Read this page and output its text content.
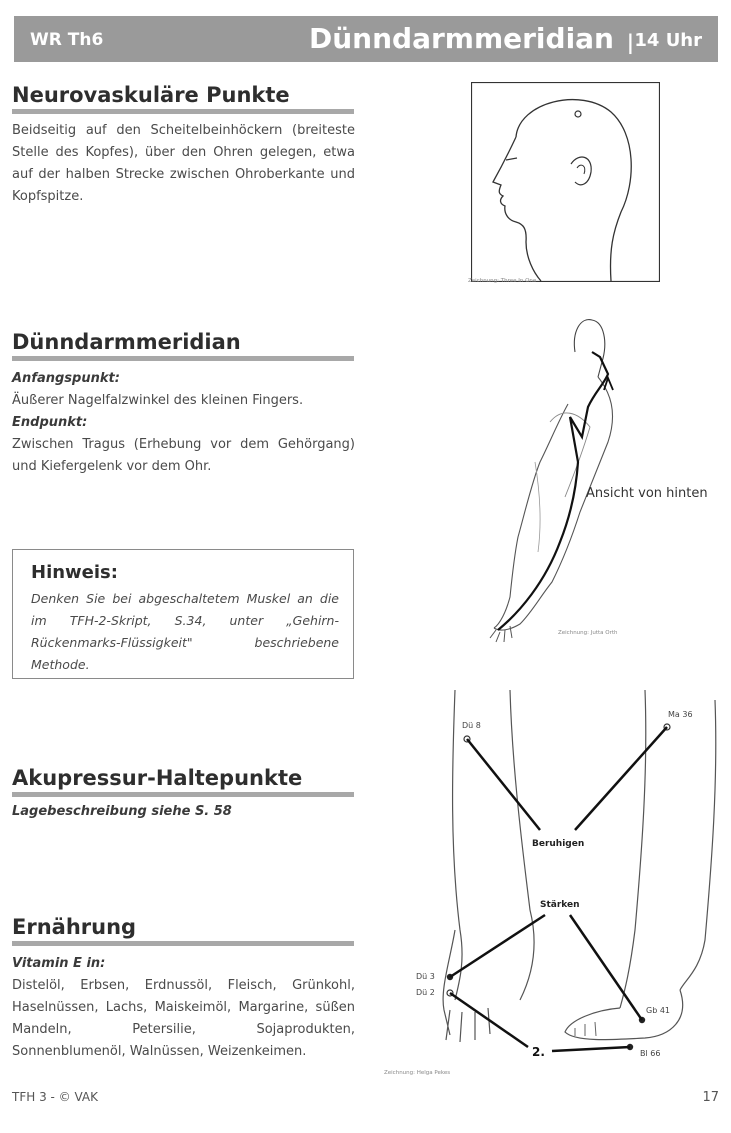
WR Th6	Dünndarmmeridian | 14 Uhr
Neurovaskuläre Punkte
Beidseitig auf den Scheitelbeinhöckern (breiteste Stelle des Kopfes), über den Ohren gelegen, etwa auf der halben Strecke zwischen Ohroberkante und Kopfspitze.
Zeichnung: Three In One
Dünndarmmeridian
Anfangspunkt:
Äußerer Nagelfalzwinkel des kleinen Fingers.
Endpunkt:
Zwischen Tragus (Erhebung vor dem Gehörgang) und Kiefergelenk vor dem Ohr.
Ansicht von hinten
Zeichnung: Jutta Orth
Hinweis:
Denken Sie bei abgeschaltetem Muskel an die im TFH-2-Skript, S.34, unter „Gehirn-Rückenmarks-Flüssigkeit" beschriebene Methode.
Akupressur-Haltepunkte
Lagebeschreibung siehe S. 58
Ernährung
Vitamin E in:
Distelöl, Erbsen, Erdnussöl, Fleisch, Grünkohl, Haselnüssen, Lachs, Maiskeimöl, Margarine, süßen Mandeln, Petersilie, Sojaprodukten, Sonnenblumenöl, Walnüssen, Weizenkeimen.
Dü 8
Ma 36
Dü 3
Dü 2
Gb 41
Bl 66
Beruhigen
Stärken
2.
Zeichnung: Helga Pekes
TFH 3 - © VAK	17
